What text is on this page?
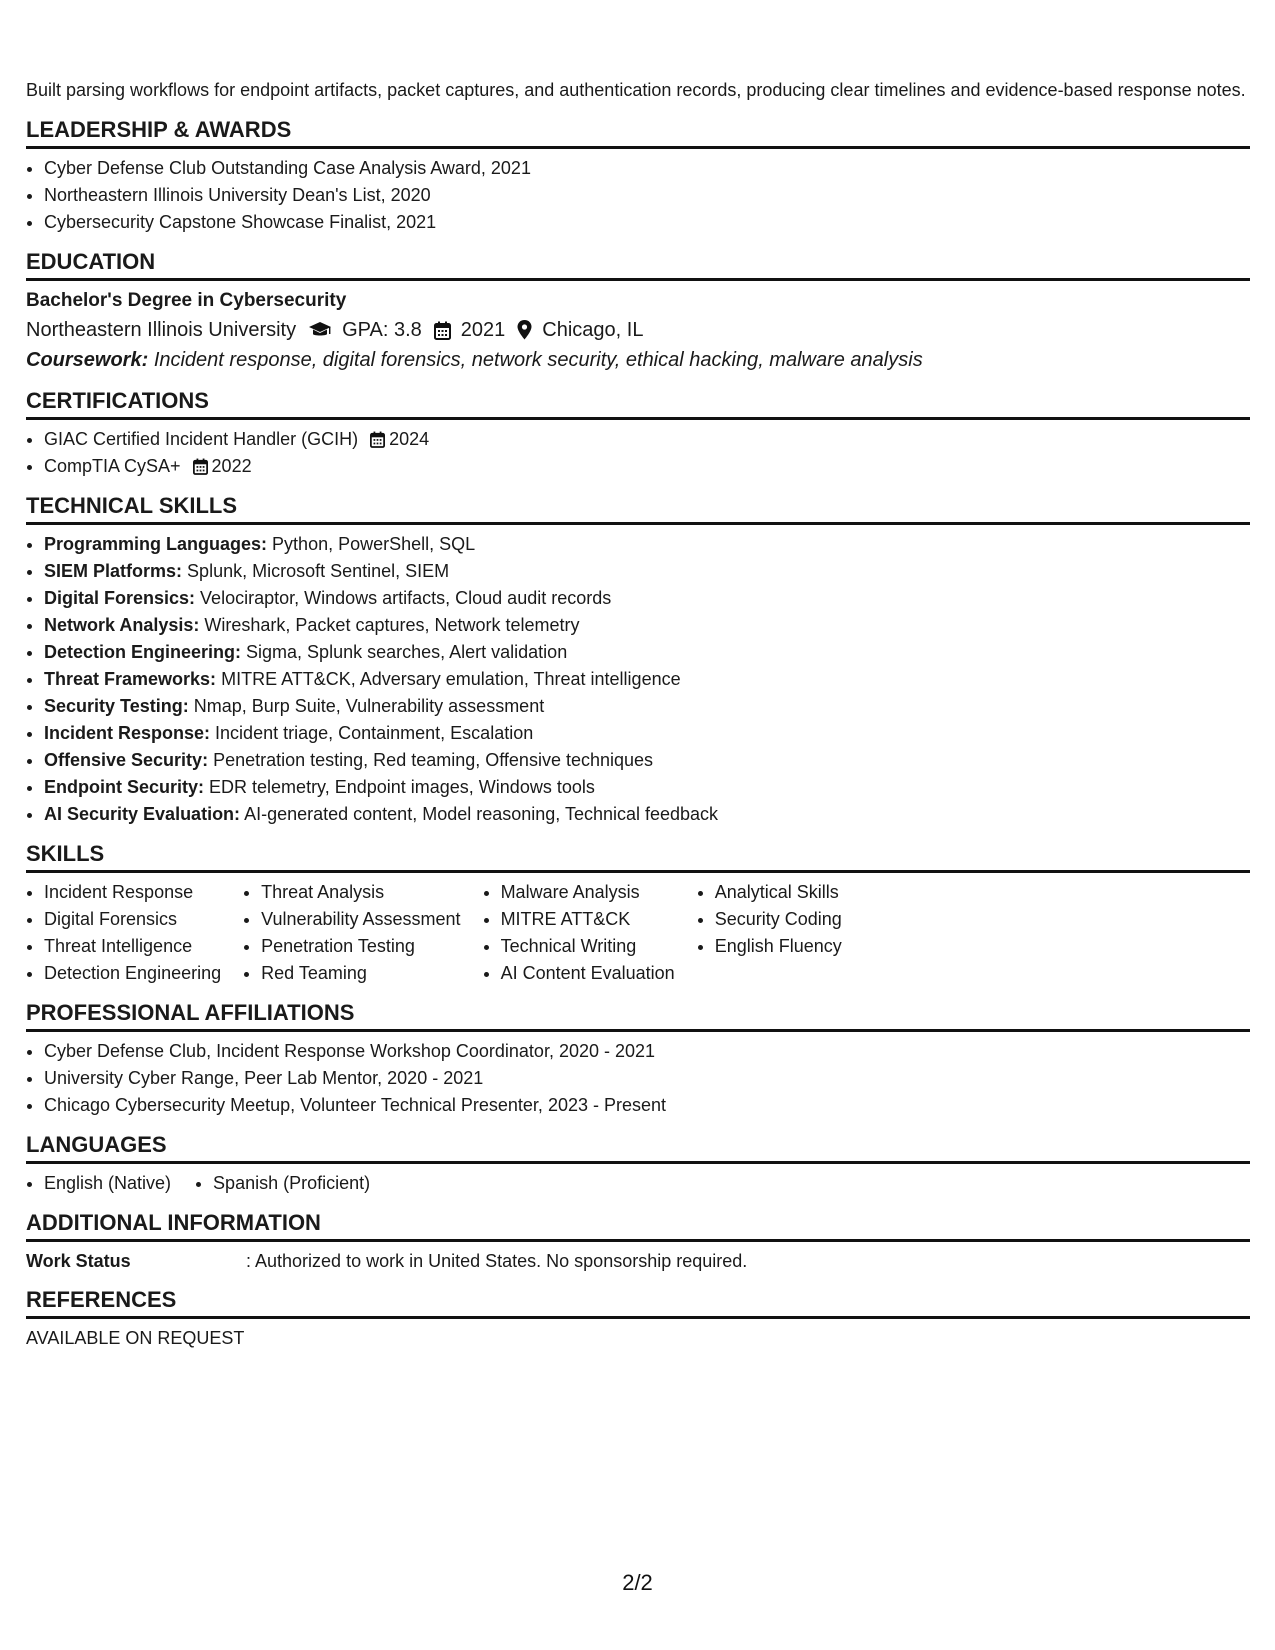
Built parsing workflows for endpoint artifacts, packet captures, and authentication records, producing clear timelines and evidence-based response notes.
LEADERSHIP & AWARDS
• Cyber Defense Club Outstanding Case Analysis Award, 2021
• Northeastern Illinois University Dean's List, 2020
• Cybersecurity Capstone Showcase Finalist, 2021
EDUCATION
Bachelor's Degree in Cybersecurity
Northeastern Illinois University GPA: 3.8 2021 Chicago, IL
Coursework: Incident response, digital forensics, network security, ethical hacking, malware analysis
CERTIFICATIONS
• GIAC Certified Incident Handler (GCIH) 2024
• CompTIA CySA+ 2022
TECHNICAL SKILLS
• Programming Languages: Python, PowerShell, SQL
• SIEM Platforms: Splunk, Microsoft Sentinel, SIEM
• Digital Forensics: Velociraptor, Windows artifacts, Cloud audit records
• Network Analysis: Wireshark, Packet captures, Network telemetry
• Detection Engineering: Sigma, Splunk searches, Alert validation
• Threat Frameworks: MITRE ATT&CK, Adversary emulation, Threat intelligence
• Security Testing: Nmap, Burp Suite, Vulnerability assessment
• Incident Response: Incident triage, Containment, Escalation
• Offensive Security: Penetration testing, Red teaming, Offensive techniques
• Endpoint Security: EDR telemetry, Endpoint images, Windows tools
• AI Security Evaluation: AI-generated content, Model reasoning, Technical feedback
SKILLS
• Incident Response
• Digital Forensics
• Threat Intelligence
• Detection Engineering
• Threat Analysis
• Vulnerability Assessment
• Penetration Testing
• Red Teaming
• Malware Analysis
• MITRE ATT&CK
• Technical Writing
• AI Content Evaluation
• Analytical Skills
• Security Coding
• English Fluency
PROFESSIONAL AFFILIATIONS
• Cyber Defense Club, Incident Response Workshop Coordinator, 2020 - 2021
• University Cyber Range, Peer Lab Mentor, 2020 - 2021
• Chicago Cybersecurity Meetup, Volunteer Technical Presenter, 2023 - Present
LANGUAGES
• English (Native)
• Spanish (Proficient)
ADDITIONAL INFORMATION
Work Status	: Authorized to work in United States. No sponsorship required.
REFERENCES
AVAILABLE ON REQUEST
2/2
